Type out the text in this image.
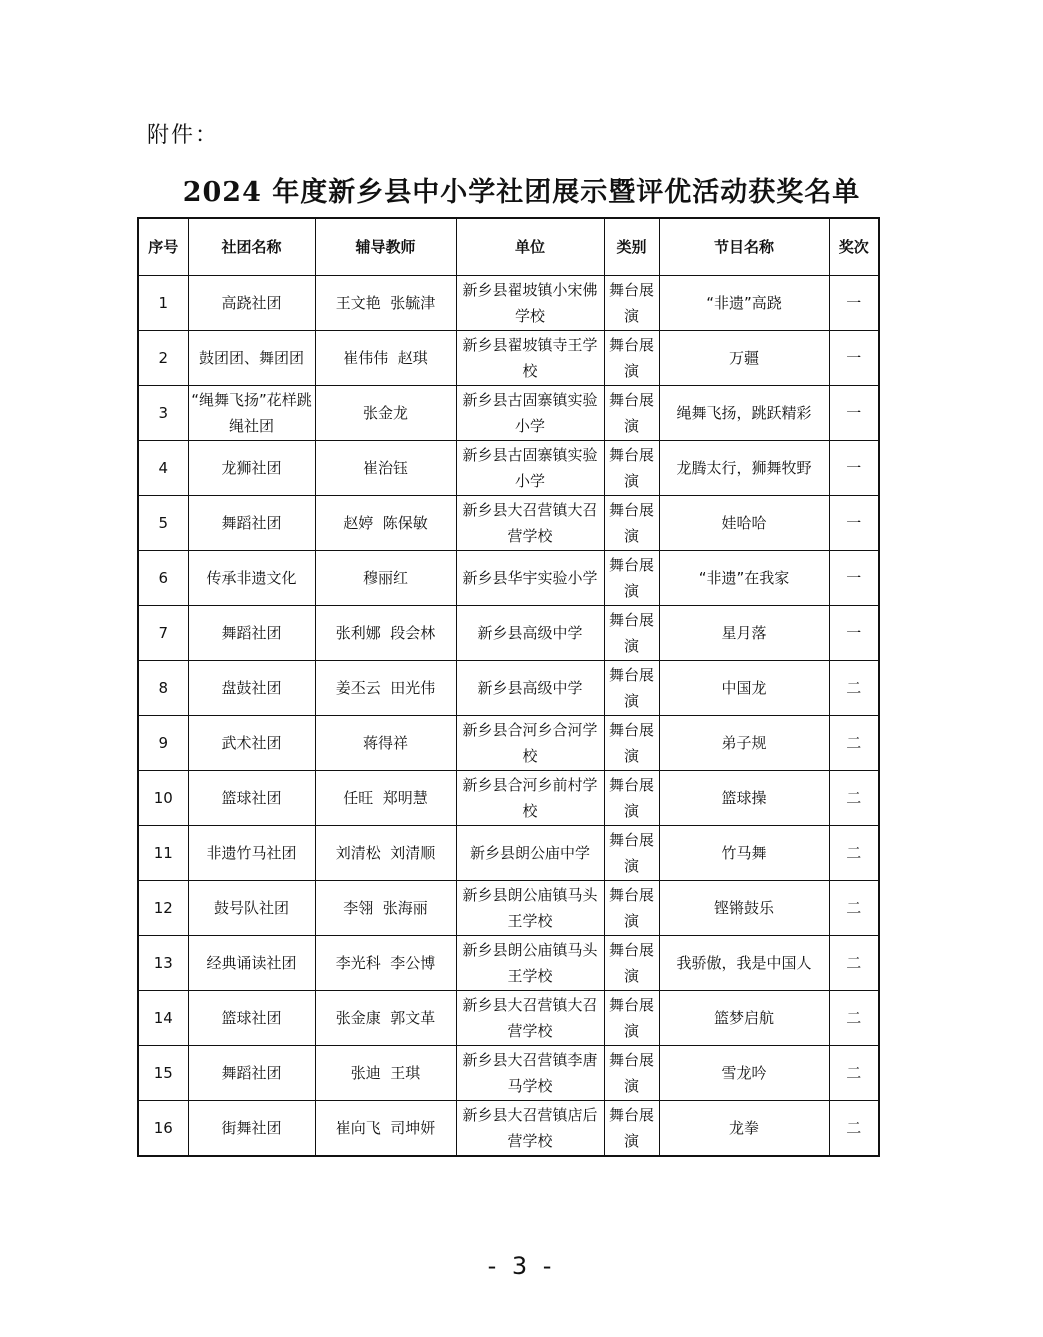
附件：
2024 年度新乡县中小学社团展示暨评优活动获奖名单
序号	社团名称	辅导教师	单位	类别	节目名称	奖次
1	高跷社团	王文艳  张毓津	新乡县翟坡镇小宋佛学校	舞台展演	“非遗”高跷	一
2	鼓团团、舞团团	崔伟伟  赵琪	新乡县翟坡镇寺王学校	舞台展演	万疆	一
3	“绳舞飞扬”花样跳绳社团	张金龙	新乡县古固寨镇实验小学	舞台展演	绳舞飞扬，跳跃精彩	一
4	龙狮社团	崔治钰	新乡县古固寨镇实验小学	舞台展演	龙腾太行，狮舞牧野	一
5	舞蹈社团	赵婷  陈保敏	新乡县大召营镇大召营学校	舞台展演	娃哈哈	一
6	传承非遗文化	穆丽红	新乡县华宇实验小学	舞台展演	“非遗”在我家	一
7	舞蹈社团	张利娜  段会林	新乡县高级中学	舞台展演	星月落	一
8	盘鼓社团	姜丕云  田光伟	新乡县高级中学	舞台展演	中国龙	二
9	武术社团	蒋得祥	新乡县合河乡合河学校	舞台展演	弟子规	二
10	篮球社团	任旺  郑明慧	新乡县合河乡前村学校	舞台展演	篮球操	二
11	非遗竹马社团	刘清松  刘清顺	新乡县朗公庙中学	舞台展演	竹马舞	二
12	鼓号队社团	李翎  张海丽	新乡县朗公庙镇马头王学校	舞台展演	铿锵鼓乐	二
13	经典诵读社团	李光科  李公博	新乡县朗公庙镇马头王学校	舞台展演	我骄傲，我是中国人	二
14	篮球社团	张金康  郭文革	新乡县大召营镇大召营学校	舞台展演	篮梦启航	二
15	舞蹈社团	张迪  王琪	新乡县大召营镇李唐马学校	舞台展演	雪龙吟	二
16	街舞社团	崔向飞  司坤妍	新乡县大召营镇店后营学校	舞台展演	龙拳	二
- 3 -
